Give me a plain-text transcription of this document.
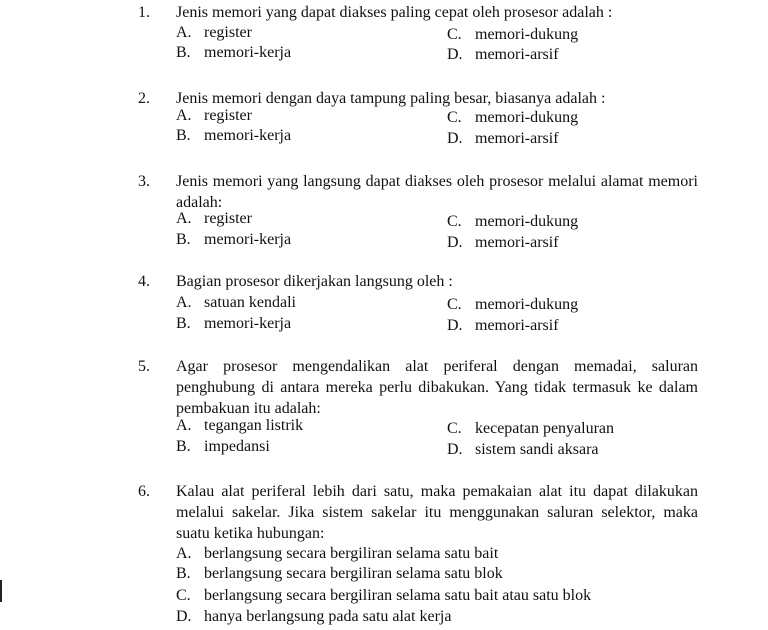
1. Jenis memori yang dapat diakses paling cepat oleh prosesor adalah :
A. register	C. memori-dukung
B. memori-kerja	D. memori-arsif
2. Jenis memori dengan daya tampung paling besar, biasanya adalah :
A. register	C. memori-dukung
B. memori-kerja	D. memori-arsif
3. Jenis memori yang langsung dapat diakses oleh prosesor melalui alamat memori adalah:
A. register	C. memori-dukung
B. memori-kerja	D. memori-arsif
4. Bagian prosesor dikerjakan langsung oleh :
A. satuan kendali	C. memori-dukung
B. memori-kerja	D. memori-arsif
5. Agar prosesor mengendalikan alat periferal dengan memadai, saluran penghubung di antara mereka perlu dibakukan. Yang tidak termasuk ke dalam pembakuan itu adalah:
A. tegangan listrik	C. kecepatan penyaluran
B. impedansi	D. sistem sandi aksara
6. Kalau alat periferal lebih dari satu, maka pemakaian alat itu dapat dilakukan melalui sakelar. Jika sistem sakelar itu menggunakan saluran selektor, maka suatu ketika hubungan:
A. berlangsung secara bergiliran selama satu bait
B. berlangsung secara bergiliran selama satu blok
C. berlangsung secara bergiliran selama satu bait atau satu blok
D. hanya berlangsung pada satu alat kerja
